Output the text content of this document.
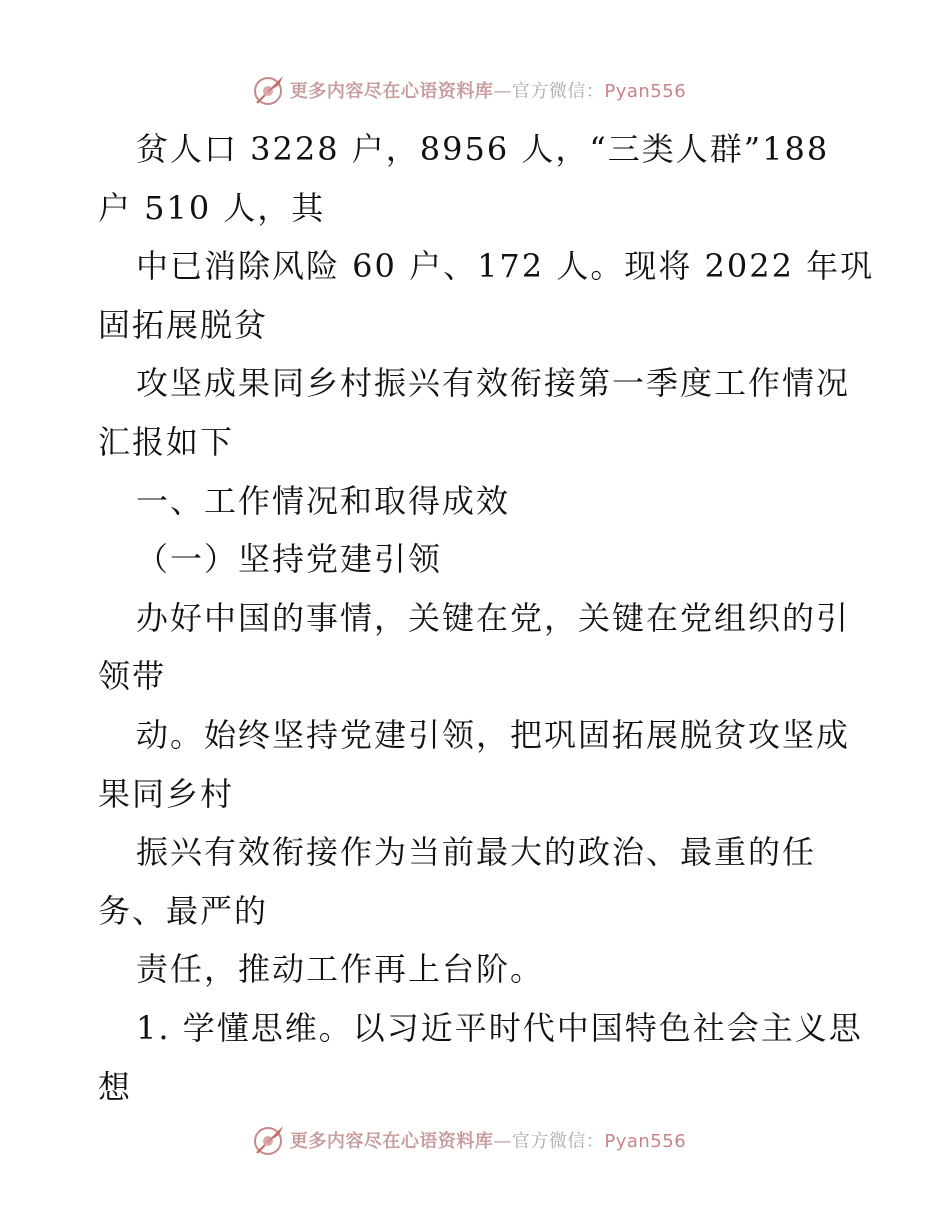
更多内容尽在心语资料库—官方微信：Pyan556
贫人口 3228 户，8956 人，“三类人群”188
户 510 人，其
中已消除风险 60 户、172 人。现将 2022 年巩
固拓展脱贫
攻坚成果同乡村振兴有效衔接第一季度工作情况
汇报如下
一、工作情况和取得成效
（一）坚持党建引领
办好中国的事情，关键在党，关键在党组织的引
领带
动。始终坚持党建引领，把巩固拓展脱贫攻坚成
果同乡村
振兴有效衔接作为当前最大的政治、最重的任
务、最严的
责任，推动工作再上台阶。
1. 学懂思维。以习近平时代中国特色社会主义思
想
更多内容尽在心语资料库—官方微信：Pyan556
